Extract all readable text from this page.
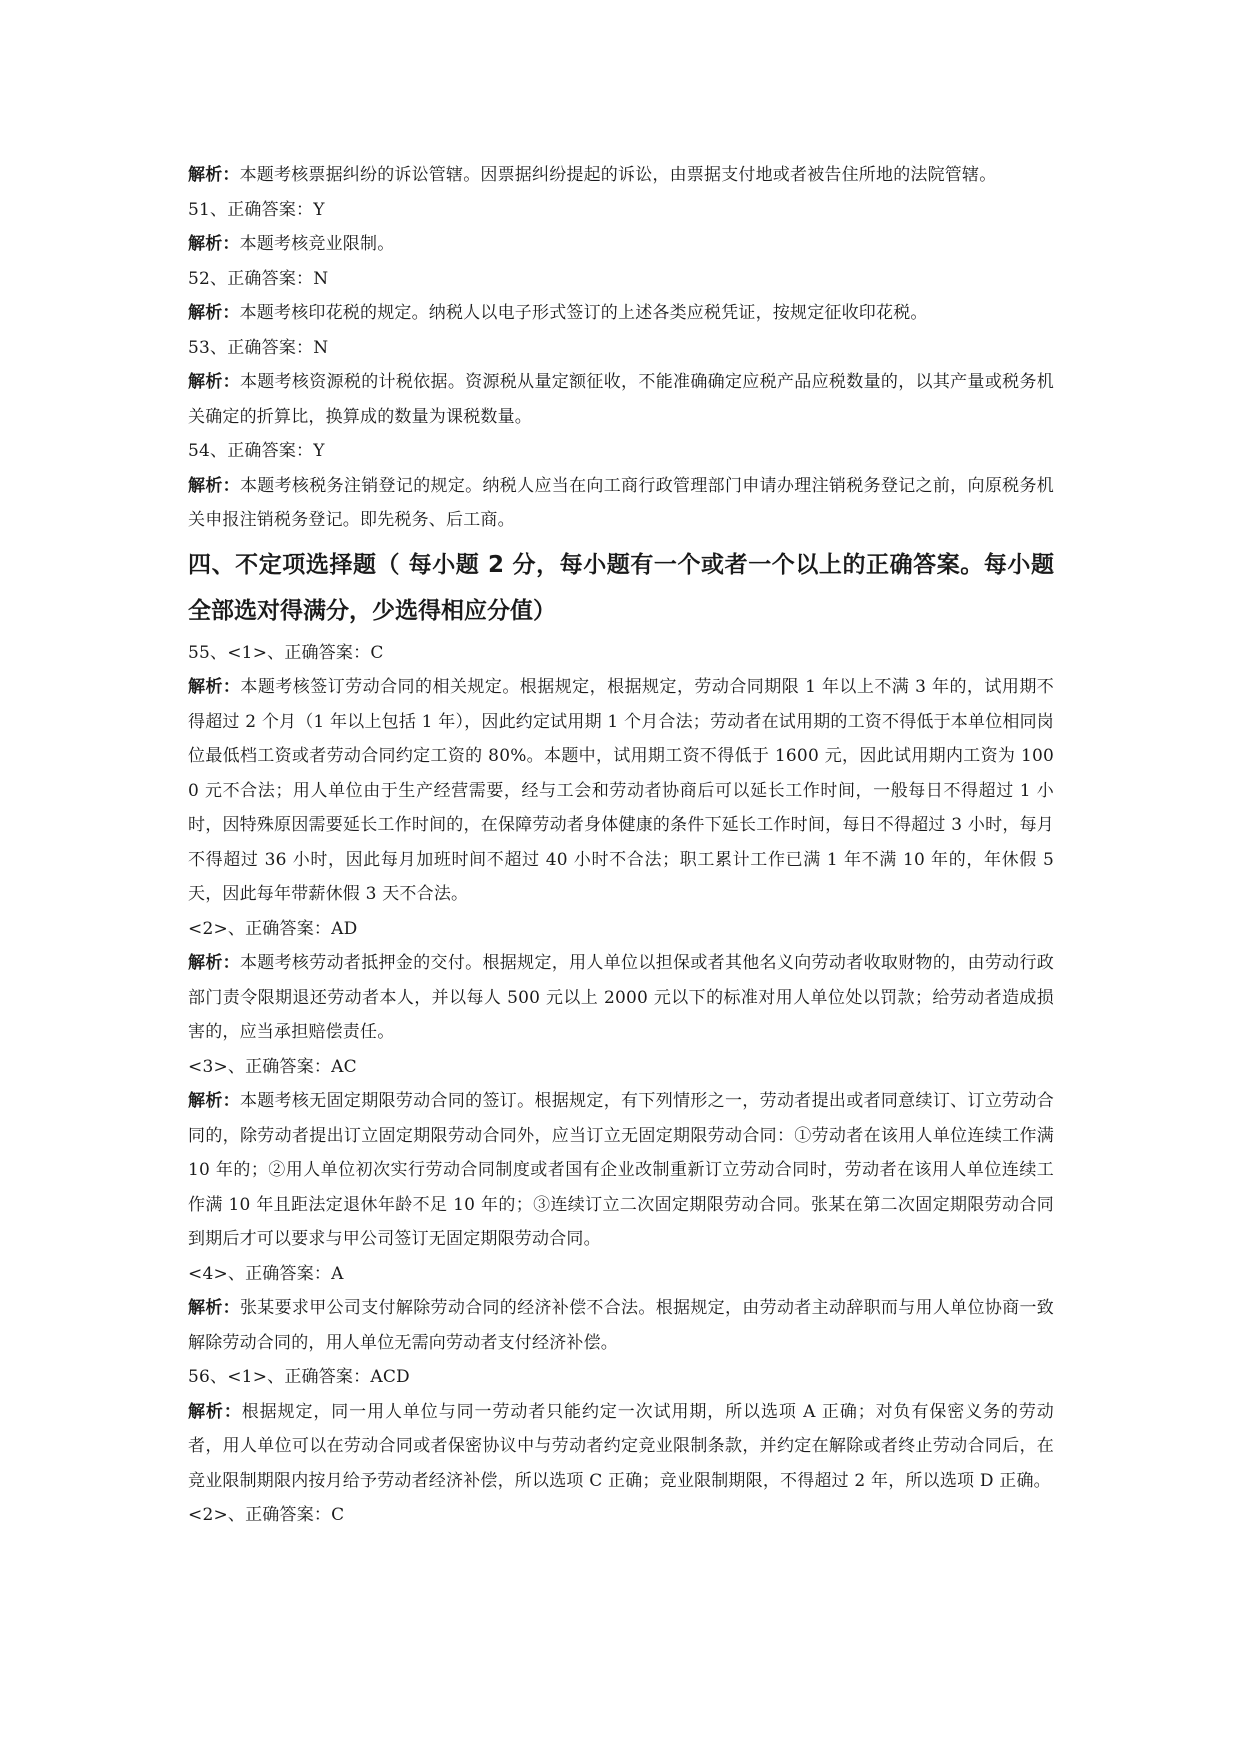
解析：本题考核票据纠纷的诉讼管辖。因票据纠纷提起的诉讼，由票据支付地或者被告住所地的法院管辖。
51、正确答案：Y
解析：本题考核竞业限制。
52、正确答案：N
解析：本题考核印花税的规定。纳税人以电子形式签订的上述各类应税凭证，按规定征收印花税。
53、正确答案：N
解析：本题考核资源税的计税依据。资源税从量定额征收，不能准确确定应税产品应税数量的，以其产量或税务机关确定的折算比，换算成的数量为课税数量。
54、正确答案：Y
解析：本题考核税务注销登记的规定。纳税人应当在向工商行政管理部门申请办理注销税务登记之前，向原税务机关申报注销税务登记。即先税务、后工商。
四、不定项选择题（ 每小题 2 分，每小题有一个或者一个以上的正确答案。每小题全部选对得满分，少选得相应分值）
55、<1>、正确答案：C
解析：本题考核签订劳动合同的相关规定。根据规定，根据规定，劳动合同期限 1 年以上不满 3 年的，试用期不得超过 2 个月（1 年以上包括 1 年），因此约定试用期 1 个月合法；劳动者在试用期的工资不得低于本单位相同岗位最低档工资或者劳动合同约定工资的 80%。本题中，试用期工资不得低于 1600 元，因此试用期内工资为 1000 元不合法；用人单位由于生产经营需要，经与工会和劳动者协商后可以延长工作时间，一般每日不得超过 1 小时，因特殊原因需要延长工作时间的，在保障劳动者身体健康的条件下延长工作时间，每日不得超过 3 小时，每月不得超过 36 小时，因此每月加班时间不超过 40 小时不合法；职工累计工作已满 1 年不满 10 年的，年休假 5 天，因此每年带薪休假 3 天不合法。
<2>、正确答案：AD
解析：本题考核劳动者抵押金的交付。根据规定，用人单位以担保或者其他名义向劳动者收取财物的，由劳动行政部门责令限期退还劳动者本人，并以每人 500 元以上 2000 元以下的标准对用人单位处以罚款；给劳动者造成损害的，应当承担赔偿责任。
<3>、正确答案：AC
解析：本题考核无固定期限劳动合同的签订。根据规定，有下列情形之一，劳动者提出或者同意续订、订立劳动合同的，除劳动者提出订立固定期限劳动合同外，应当订立无固定期限劳动合同：①劳动者在该用人单位连续工作满 10 年的；②用人单位初次实行劳动合同制度或者国有企业改制重新订立劳动合同时，劳动者在该用人单位连续工作满 10 年且距法定退休年龄不足 10 年的；③连续订立二次固定期限劳动合同。张某在第二次固定期限劳动合同到期后才可以要求与甲公司签订无固定期限劳动合同。
<4>、正确答案：A
解析：张某要求甲公司支付解除劳动合同的经济补偿不合法。根据规定，由劳动者主动辞职而与用人单位协商一致解除劳动合同的，用人单位无需向劳动者支付经济补偿。
56、<1>、正确答案：ACD
解析：根据规定，同一用人单位与同一劳动者只能约定一次试用期，所以选项 A 正确；对负有保密义务的劳动者，用人单位可以在劳动合同或者保密协议中与劳动者约定竞业限制条款，并约定在解除或者终止劳动合同后，在竞业限制期限内按月给予劳动者经济补偿，所以选项 C 正确；竞业限制期限，不得超过 2 年，所以选项 D 正确。
<2>、正确答案：C
